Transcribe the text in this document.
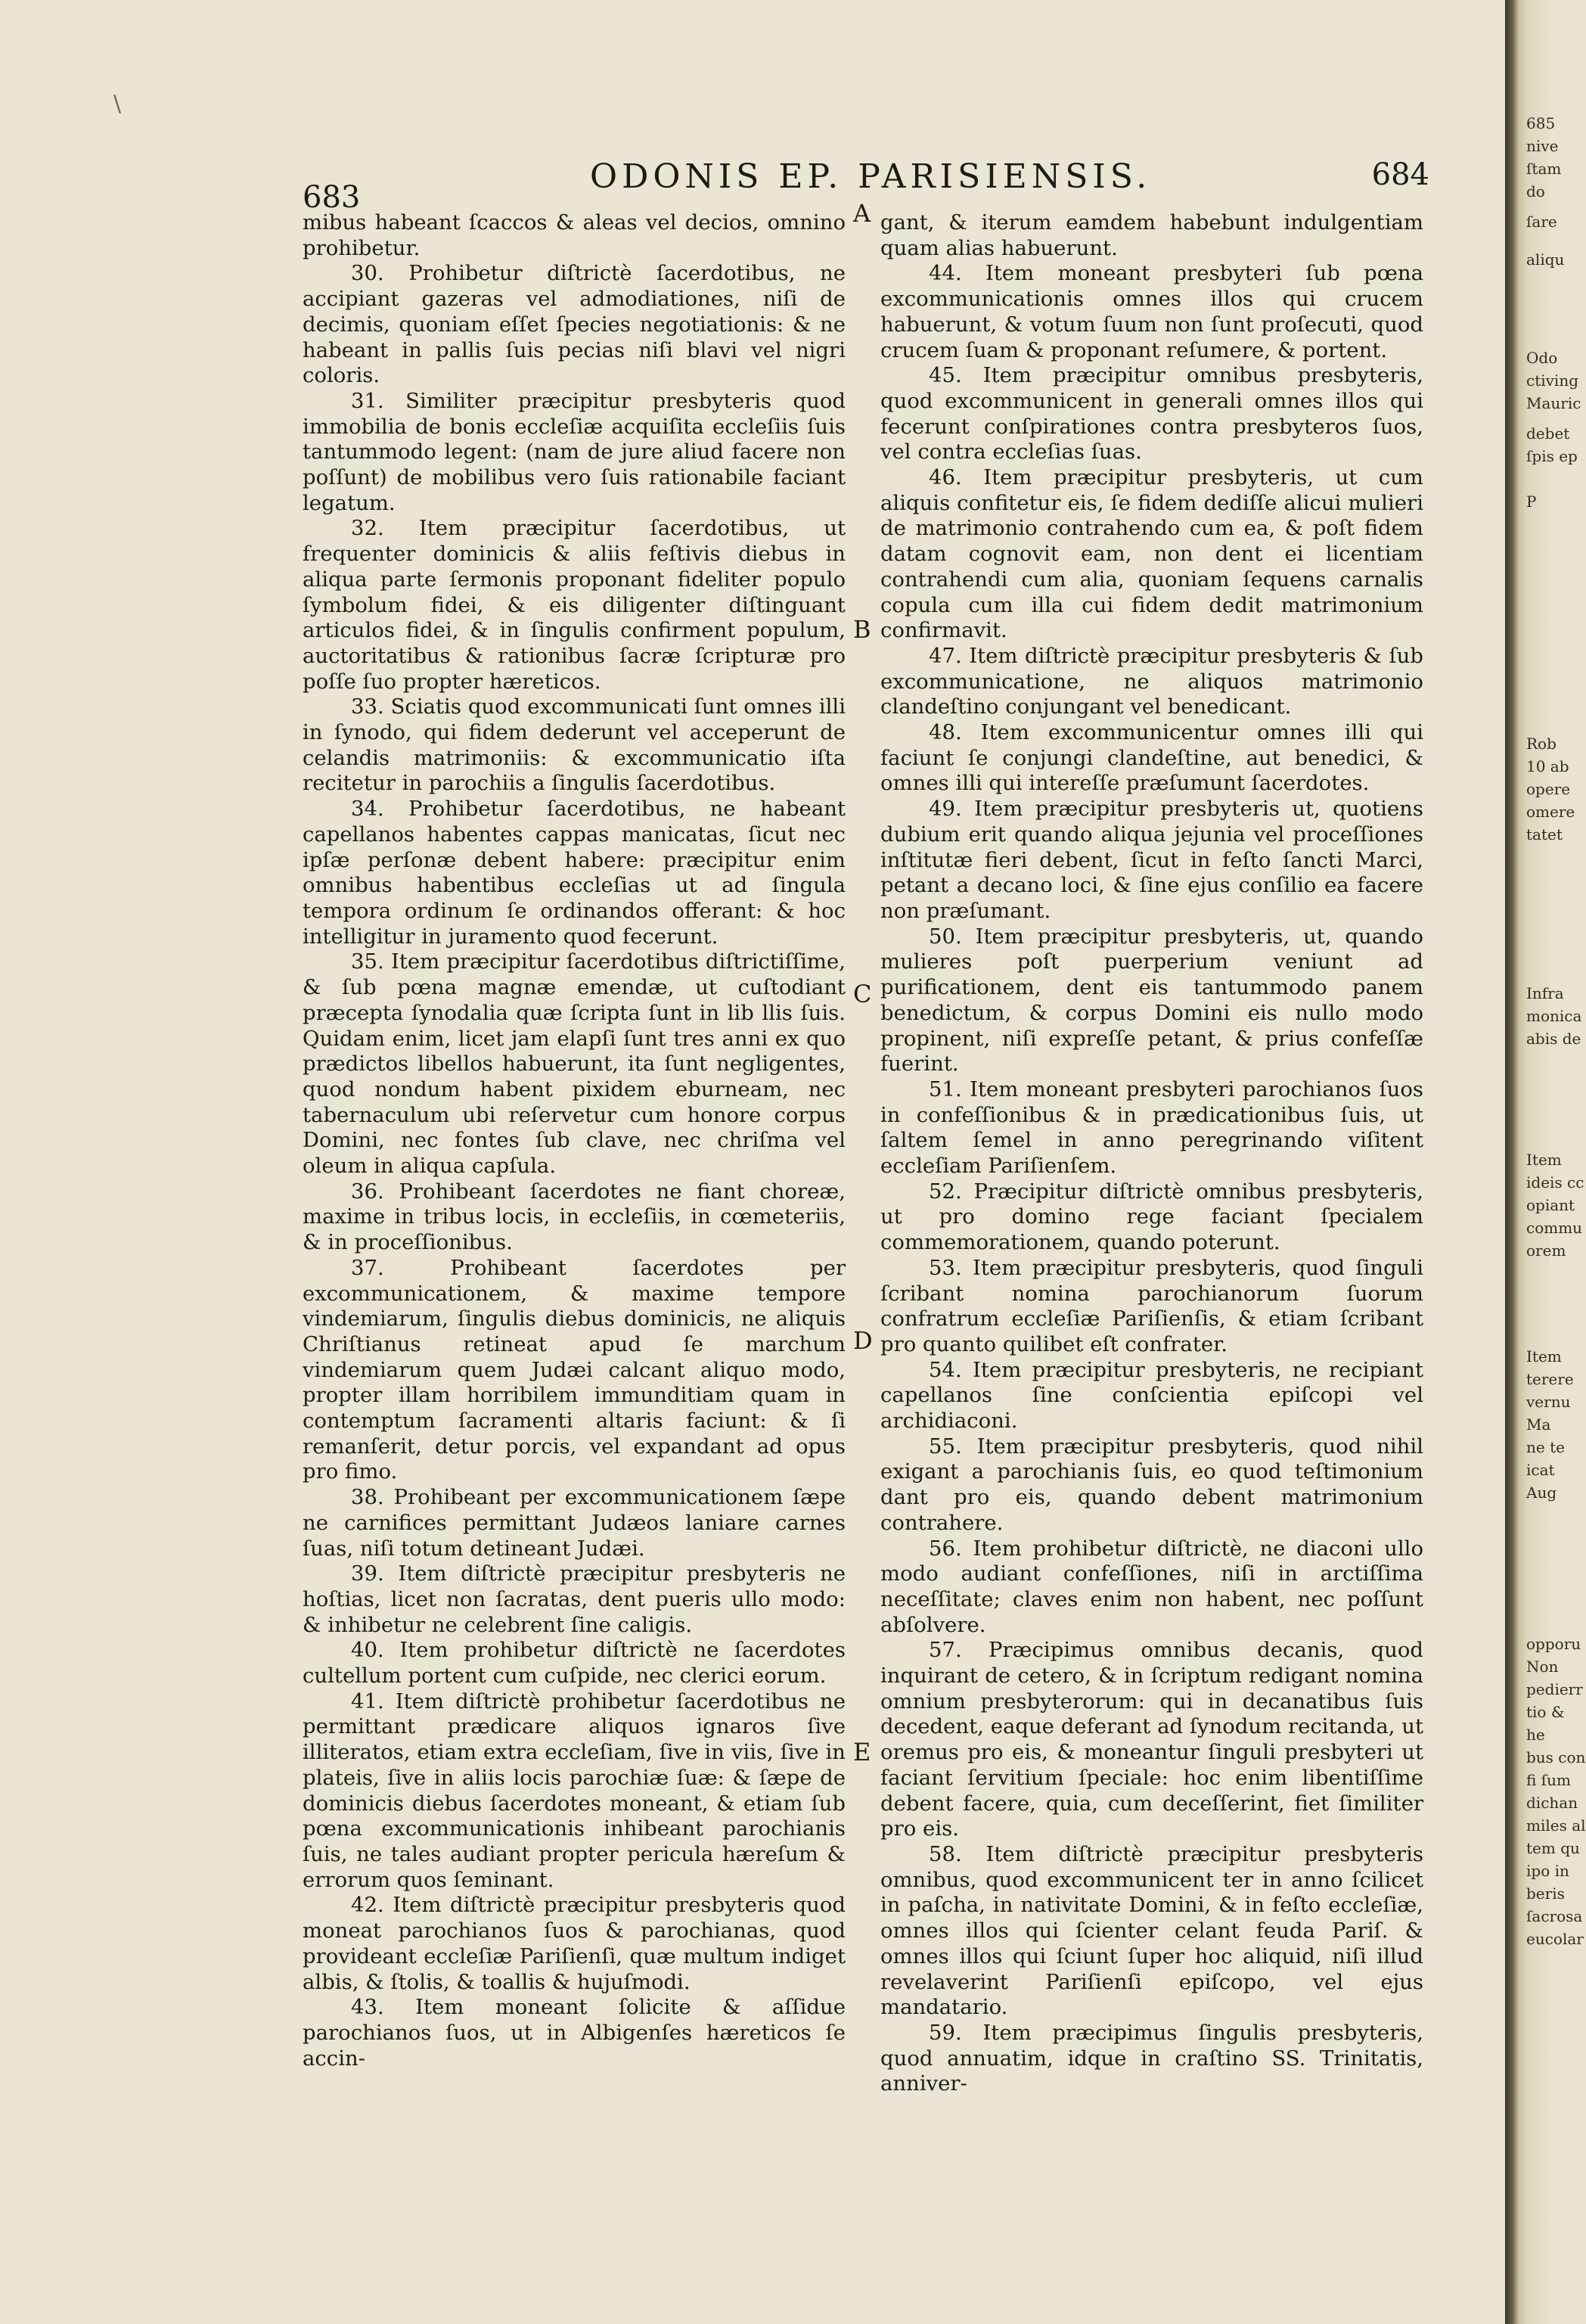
\
683
ODONIS EP. PARISIENSIS.	684

mibus habeant ſcaccos & aleas vel decios, omnino prohibetur.

30. Prohibetur diſtrictè ſacerdotibus, ne accipiant gazeras vel admodiationes, niſi de decimis, quoniam eſſet ſpecies negotiationis: & ne habeant in pallis ſuis pecias niſi blavi vel nigri coloris.

31. Similiter præcipitur presbyteris quod immobilia de bonis eccleſiæ acquiſita eccleſiis ſuis tantummodo legent: (nam de jure aliud facere non poſſunt) de mobilibus vero ſuis rationabile faciant legatum.

32. Item præcipitur ſacerdotibus, ut frequenter dominicis & aliis feſtivis diebus in aliqua parte ſermonis proponant fideliter populo ſymbolum fidei, & eis diligenter diſtinguant articulos fidei, & in ſingulis confirment populum, auctoritatibus & rationibus ſacræ ſcripturæ pro poſſe ſuo propter hæreticos.

33. Sciatis quod excommunicati ſunt omnes illi in ſynodo, qui fidem dederunt vel acceperunt de celandis matrimoniis: & excommunicatio iſta recitetur in parochiis a ſingulis ſacerdotibus.

34. Prohibetur ſacerdotibus, ne habeant capellanos habentes cappas manicatas, ſicut nec ipſæ perſonæ debent habere: præcipitur enim omnibus habentibus eccleſias ut ad ſingula tempora ordinum ſe ordinandos offerant: & hoc intelligitur in juramento quod fecerunt.

35. Item præcipitur ſacerdotibus diſtrictiſſime, & ſub pœna magnæ emendæ, ut cuſtodiant præcepta ſynodalia quæ ſcripta ſunt in lib llis ſuis. Quidam enim, licet jam elapſi ſunt tres anni ex quo prædictos libellos habuerunt, ita ſunt negligentes, quod nondum habent pixidem eburneam, nec tabernaculum ubi reſervetur cum honore corpus Domini, nec fontes ſub clave, nec chriſma vel oleum in aliqua capſula.

36. Prohibeant ſacerdotes ne fiant choreæ, maxime in tribus locis, in eccleſiis, in cœmeteriis, & in proceſſionibus.

37. Prohibeant ſacerdotes per excommunicationem, & maxime tempore vindemiarum, ſingulis diebus dominicis, ne aliquis Chriſtianus retineat apud ſe marchum vindemiarum quem Judæi calcant aliquo modo, propter illam horribilem immunditiam quam in contemptum ſacramenti altaris faciunt: & ſi remanſerit, detur porcis, vel expandant ad opus pro fimo.

38. Prohibeant per excommunicationem ſæpe ne carnifices permittant Judæos laniare carnes ſuas, niſi totum detineant Judæi.

39. Item diſtrictè præcipitur presbyteris ne hoſtias, licet non ſacratas, dent pueris ullo modo: & inhibetur ne celebrent ſine caligis.

40. Item prohibetur diſtrictè ne ſacerdotes cultellum portent cum cuſpide, nec clerici eorum.

41. Item diſtrictè prohibetur ſacerdotibus ne permittant prædicare aliquos ignaros ſive illiteratos, etiam extra eccleſiam, ſive in viis, ſive in plateis, ſive in aliis locis parochiæ ſuæ: & ſæpe de dominicis diebus ſacerdotes moneant, & etiam ſub pœna excommunicationis inhibeant parochianis ſuis, ne tales audiant propter pericula hæreſum & errorum quos ſeminant.

42. Item diſtrictè præcipitur presbyteris quod moneat parochianos ſuos & parochianas, quod provideant eccleſiæ Pariſienſi, quæ multum indiget albis, & ſtolis, & toallis & hujuſmodi.

43. Item moneant ſolicite & aſſidue parochianos ſuos, ut in Albigenſes hæreticos ſe accin-

gant, & iterum eamdem habebunt indulgentiam quam alias habuerunt.

44. Item moneant presbyteri ſub pœna excommunicationis omnes illos qui crucem habuerunt, & votum ſuum non ſunt proſecuti, quod crucem ſuam & proponant reſumere, & portent.

45. Item præcipitur omnibus presbyteris, quod excommunicent in generali omnes illos qui fecerunt conſpirationes contra presbyteros ſuos, vel contra eccleſias ſuas.

46. Item præcipitur presbyteris, ut cum aliquis confitetur eis, ſe fidem dediſſe alicui mulieri de matrimonio contrahendo cum ea, & poſt fidem datam cognovit eam, non dent ei licentiam contrahendi cum alia, quoniam ſequens carnalis copula cum illa cui fidem dedit matrimonium confirmavit.

47. Item diſtrictè præcipitur presbyteris & ſub excommunicatione, ne aliquos matrimonio clandeſtino conjungant vel benedicant.

48. Item excommunicentur omnes illi qui faciunt ſe conjungi clandeſtine, aut benedici, & omnes illi qui intereſſe præſumunt ſacerdotes.

49. Item præcipitur presbyteris ut, quotiens dubium erit quando aliqua jejunia vel proceſſiones inſtitutæ fieri debent, ſicut in feſto ſancti Marci, petant a decano loci, & ſine ejus conſilio ea facere non præſumant.

50. Item præcipitur presbyteris, ut, quando mulieres poſt puerperium veniunt ad purificationem, dent eis tantummodo panem benedictum, & corpus Domini eis nullo modo propinent, niſi expreſſe petant, & prius confeſſæ fuerint.

51. Item moneant presbyteri parochianos ſuos in confeſſionibus & in prædicationibus ſuis, ut ſaltem ſemel in anno peregrinando viſitent eccleſiam Pariſienſem.

52. Præcipitur diſtrictè omnibus presbyteris, ut pro domino rege faciant ſpecialem commemorationem, quando poterunt.

53. Item præcipitur presbyteris, quod ſinguli ſcribant nomina parochianorum ſuorum confratrum eccleſiæ Pariſienſis, & etiam ſcribant pro quanto quilibet eſt confrater.

54. Item præcipitur presbyteris, ne recipiant capellanos ſine conſcientia epiſcopi vel archidiaconi.

55. Item præcipitur presbyteris, quod nihil exigant a parochianis ſuis, eo quod teſtimonium dant pro eis, quando debent matrimonium contrahere.

56. Item prohibetur diſtrictè, ne diaconi ullo modo audiant confeſſiones, niſi in arctiſſima neceſſitate; claves enim non habent, nec poſſunt abſolvere.

57. Præcipimus omnibus decanis, quod inquirant de cetero, & in ſcriptum redigant nomina omnium presbyterorum: qui in decanatibus ſuis decedent, eaque deferant ad ſynodum recitanda, ut oremus pro eis, & moneantur ſinguli presbyteri ut faciant ſervitium ſpeciale: hoc enim libentiſſime debent facere, quia, cum deceſſerint, fiet ſimiliter pro eis.

58. Item diſtrictè præcipitur presbyteris omnibus, quod excommunicent ter in anno ſcilicet in paſcha, in nativitate Domini, & in feſto eccleſiæ, omnes illos qui ſcienter celant feuda Pariſ. & omnes illos qui ſciunt ſuper hoc aliquid, niſi illud revelaverint Pariſienſi epiſcopo, vel ejus mandatario.

59. Item præcipimus ſingulis presbyteris, quod annuatim, idque in craſtino SS. Trinitatis, anniver-

A
B
C
D
E
685
nive
ſtam
do
ſare
aliqu
Odo
ctiving
Mauric
debet
ſpis ep
P
Rob
10 ab
opere
omere
tatet
Infra
monica
abis de
Item
ideis cc
opiant
commu
orem
Item
terere
vernu
Ma
ne te
icat
Aug
opporu
Non
pedierr
tio &
he
bus con
fi ſum
dichan
miles al
tem qu
ipo in
beris
ſacrosa
eucolar
